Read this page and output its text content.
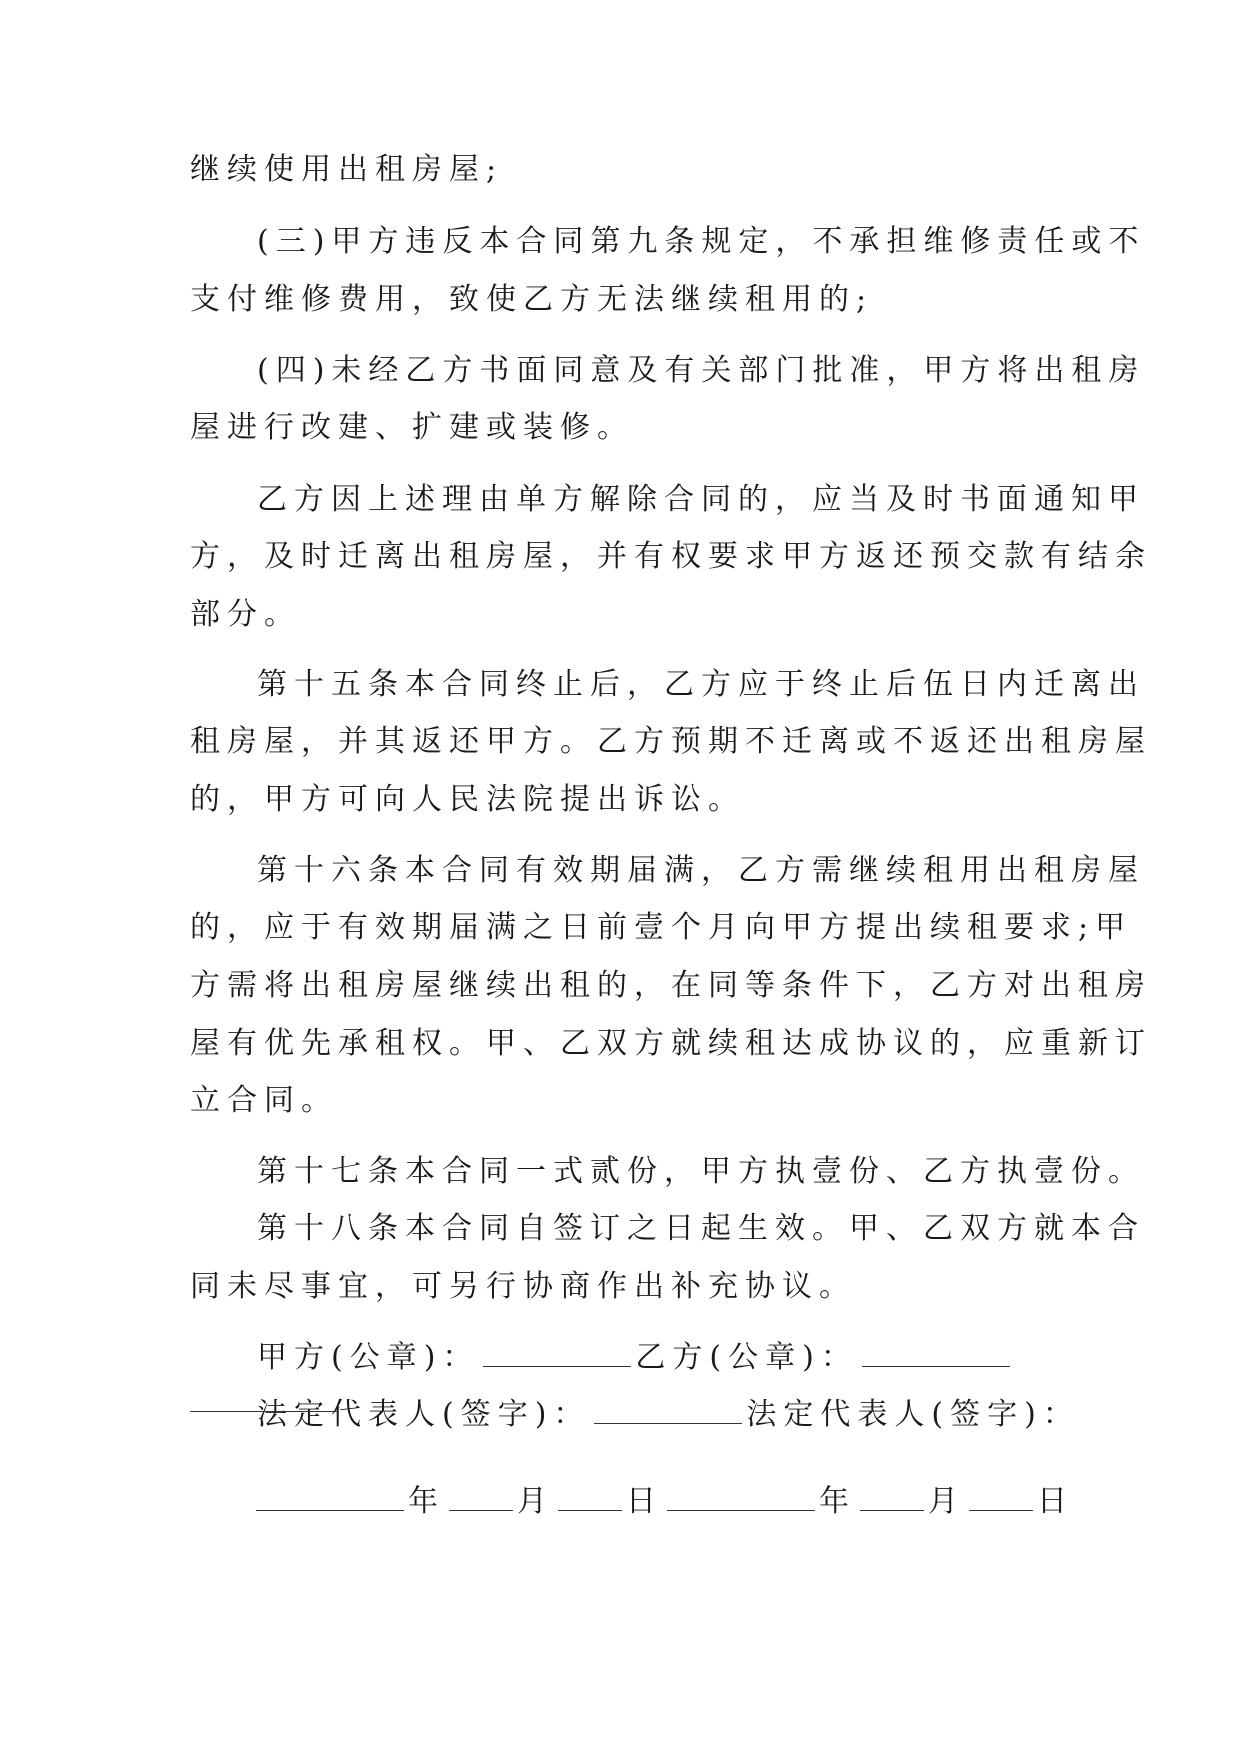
继续使用出租房屋;

(三)甲方违反本合同第九条规定，不承担维修责任或不

支付维修费用，致使乙方无法继续租用的;

(四)未经乙方书面同意及有关部门批准，甲方将出租房

屋进行改建、扩建或装修。

乙方因上述理由单方解除合同的，应当及时书面通知甲

方，及时迁离出租房屋，并有权要求甲方返还预交款有结余

部分。

第十五条本合同终止后，乙方应于终止后伍日内迁离出

租房屋，并其返还甲方。乙方预期不迁离或不返还出租房屋

的，甲方可向人民法院提出诉讼。

第十六条本合同有效期届满，乙方需继续租用出租房屋

的，应于有效期届满之日前壹个月向甲方提出续租要求;甲

方需将出租房屋继续出租的，在同等条件下，乙方对出租房

屋有优先承租权。甲、乙双方就续租达成协议的，应重新订

立合同。

第十七条本合同一式贰份，甲方执壹份、乙方执壹份。

第十八条本合同自签订之日起生效。甲、乙双方就本合

同未尽事宜，可另行协商作出补充协议。

甲方(公章)：	乙方(公章)：

法定代表人(签字)：	法定代表人(签字)：

年 月 日	年 月 日
